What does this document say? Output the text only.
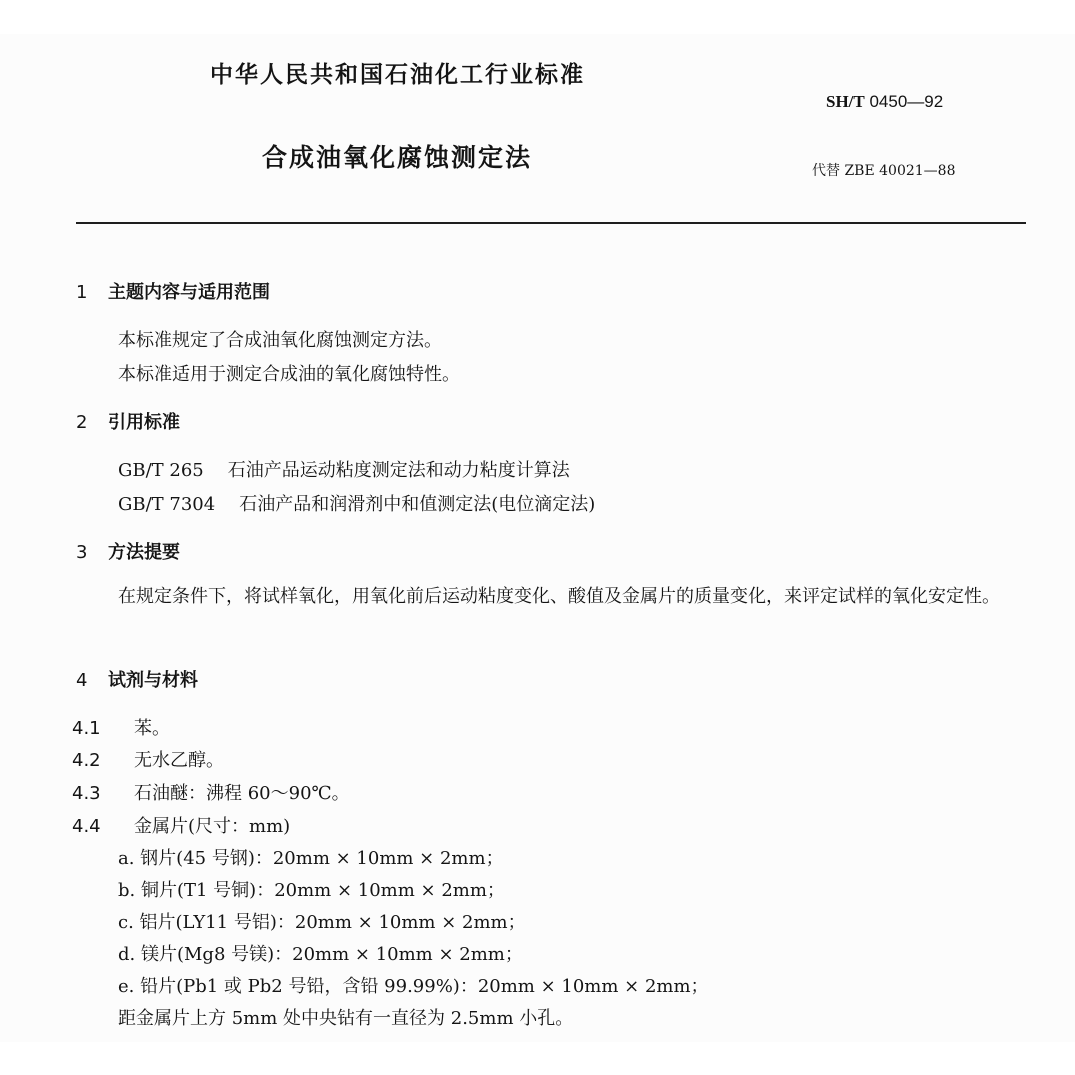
中华人民共和国石油化工行业标准
SH/T 0450—92
合成油氧化腐蚀测定法	代替 ZBE 40021—88
1 主题内容与适用范围
本标准规定了合成油氧化腐蚀测定方法。
本标准适用于测定合成油的氧化腐蚀特性。
2 引用标准
GB/T 265 石油产品运动粘度测定法和动力粘度计算法
GB/T 7304 石油产品和润滑剂中和值测定法(电位滴定法)
3 方法提要
在规定条件下，将试样氧化，用氧化前后运动粘度变化、酸值及金属片的质量变化，来评定试样的氧化安定性。
4 试剂与材料
4.1 苯。
4.2 无水乙醇。
4.3 石油醚：沸程 60～90℃。
4.4 金属片(尺寸：mm)
a. 钢片(45 号钢)：20mm × 10mm × 2mm；
b. 铜片(T1 号铜)：20mm × 10mm × 2mm；
c. 铝片(LY11 号铝)：20mm × 10mm × 2mm；
d. 镁片(Mg8 号镁)：20mm × 10mm × 2mm；
e. 铅片(Pb1 或 Pb2 号铅，含铅 99.99%)：20mm × 10mm × 2mm；
距金属片上方 5mm 处中央钻有一直径为 2.5mm 小孔。
